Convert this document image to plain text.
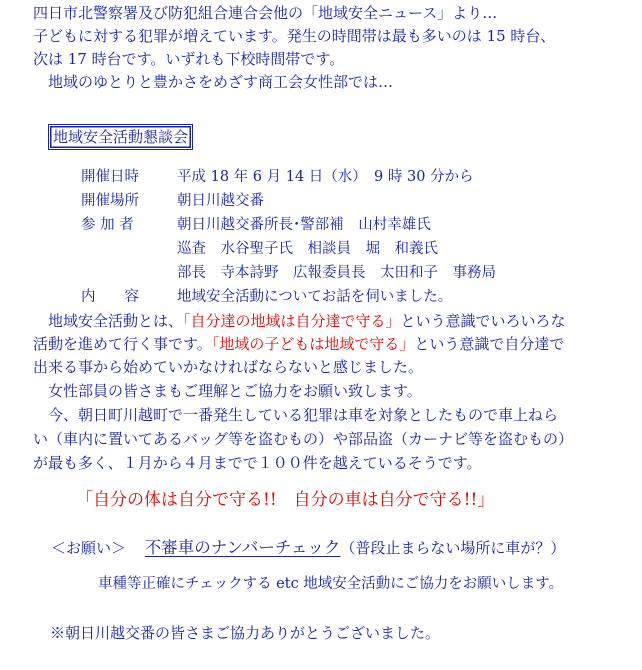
四日市北警察署及び防犯組合連合会他の「地域安全ニュース」より…
子どもに対する犯罪が増えています。発生の時間帯は最も多いのは 15 時台、
次は 17 時台です。いずれも下校時間帯です。
　地域のゆとりと豊かさをめざす商工会女性部では…
地域安全活動懇談会
開催日時	平成 18 年 6 月 14 日（水）　9 時 30 分から
開催場所	朝日川越交番
参 加 者	朝日川越交番所長･警部補　山村幸雄氏
巡査　水谷聖子氏　相談員　堀　和義氏
部長　寺本詩野　広報委員長　太田和子　事務局
内　　容	地域安全活動についてお話を伺いました。
　地域安全活動とは、「自分達の地域は自分達で守る」という意識でいろいろな
活動を進めて行く事です。「地域の子どもは地域で守る」という意識で自分達で
出来る事から始めていかなければならないと感じました。
　女性部員の皆さまもご理解とご協力をお願い致します。
　今、朝日町川越町で一番発生している犯罪は車を対象としたもので車上ねら
い（車内に置いてあるバッグ等を盗むもの）や部品盗（カーナビ等を盗むもの）
が最も多く、１月から４月までで１００件を越えているそうです。
「自分の体は自分で守る!!　自分の車は自分で守る!!」
＜お願い＞ 不審車のナンバーチェック（普段止まらない場所に車が？）
車種等正確にチェックする etc 地域安全活動にご協力をお願いします。
※朝日川越交番の皆さまご協力ありがとうございました。
